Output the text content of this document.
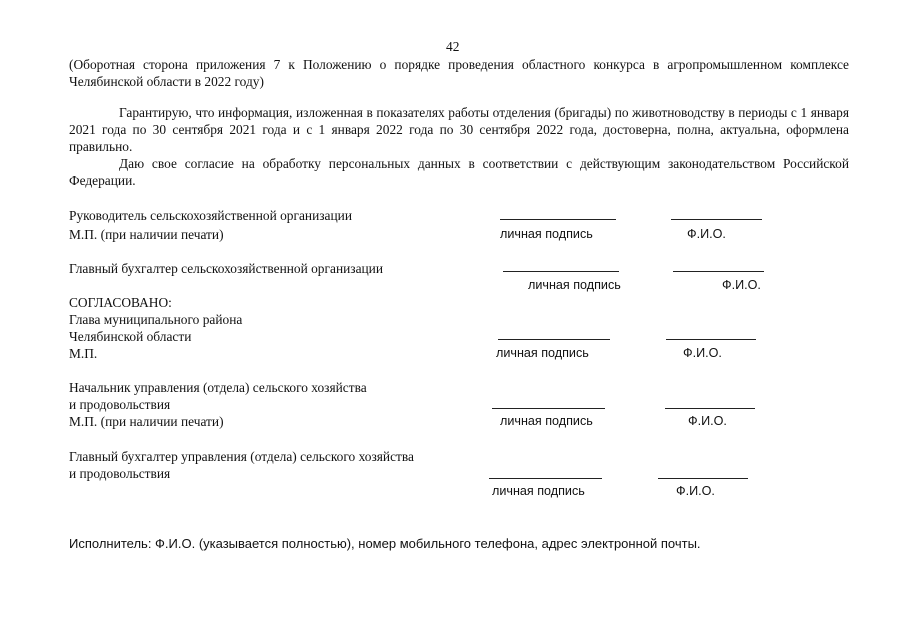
42
(Оборотная сторона приложения 7 к Положению о порядке проведения областного конкурса в агропромышленном комплексе Челябинской области в 2022 году)
Гарантирую, что информация, изложенная в показателях работы отделения (бригады) по животноводству в периоды с 1 января 2021 года по 30 сентября 2021 года и с 1 января 2022 года по 30 сентября 2022 года, достоверна, полна, актуальна, оформлена правильно.
Даю свое согласие на обработку персональных данных в соответствии с действующим законодательством Российской Федерации.
Руководитель сельскохозяйственной организации
М.П. (при наличии печати)	личная подпись	Ф.И.О.
Главный бухгалтер сельскохозяйственной организации
личная подпись	Ф.И.О.
СОГЛАСОВАНО:
Глава муниципального района
Челябинской области
М.П.	личная подпись	Ф.И.О.
Начальник управления (отдела) сельского хозяйства
и продовольствия
М.П. (при наличии печати)	личная подпись	Ф.И.О.
Главный бухгалтер управления (отдела) сельского хозяйства
и продовольствия
личная подпись	Ф.И.О.
Исполнитель: Ф.И.О. (указывается полностью), номер мобильного телефона, адрес электронной почты.
